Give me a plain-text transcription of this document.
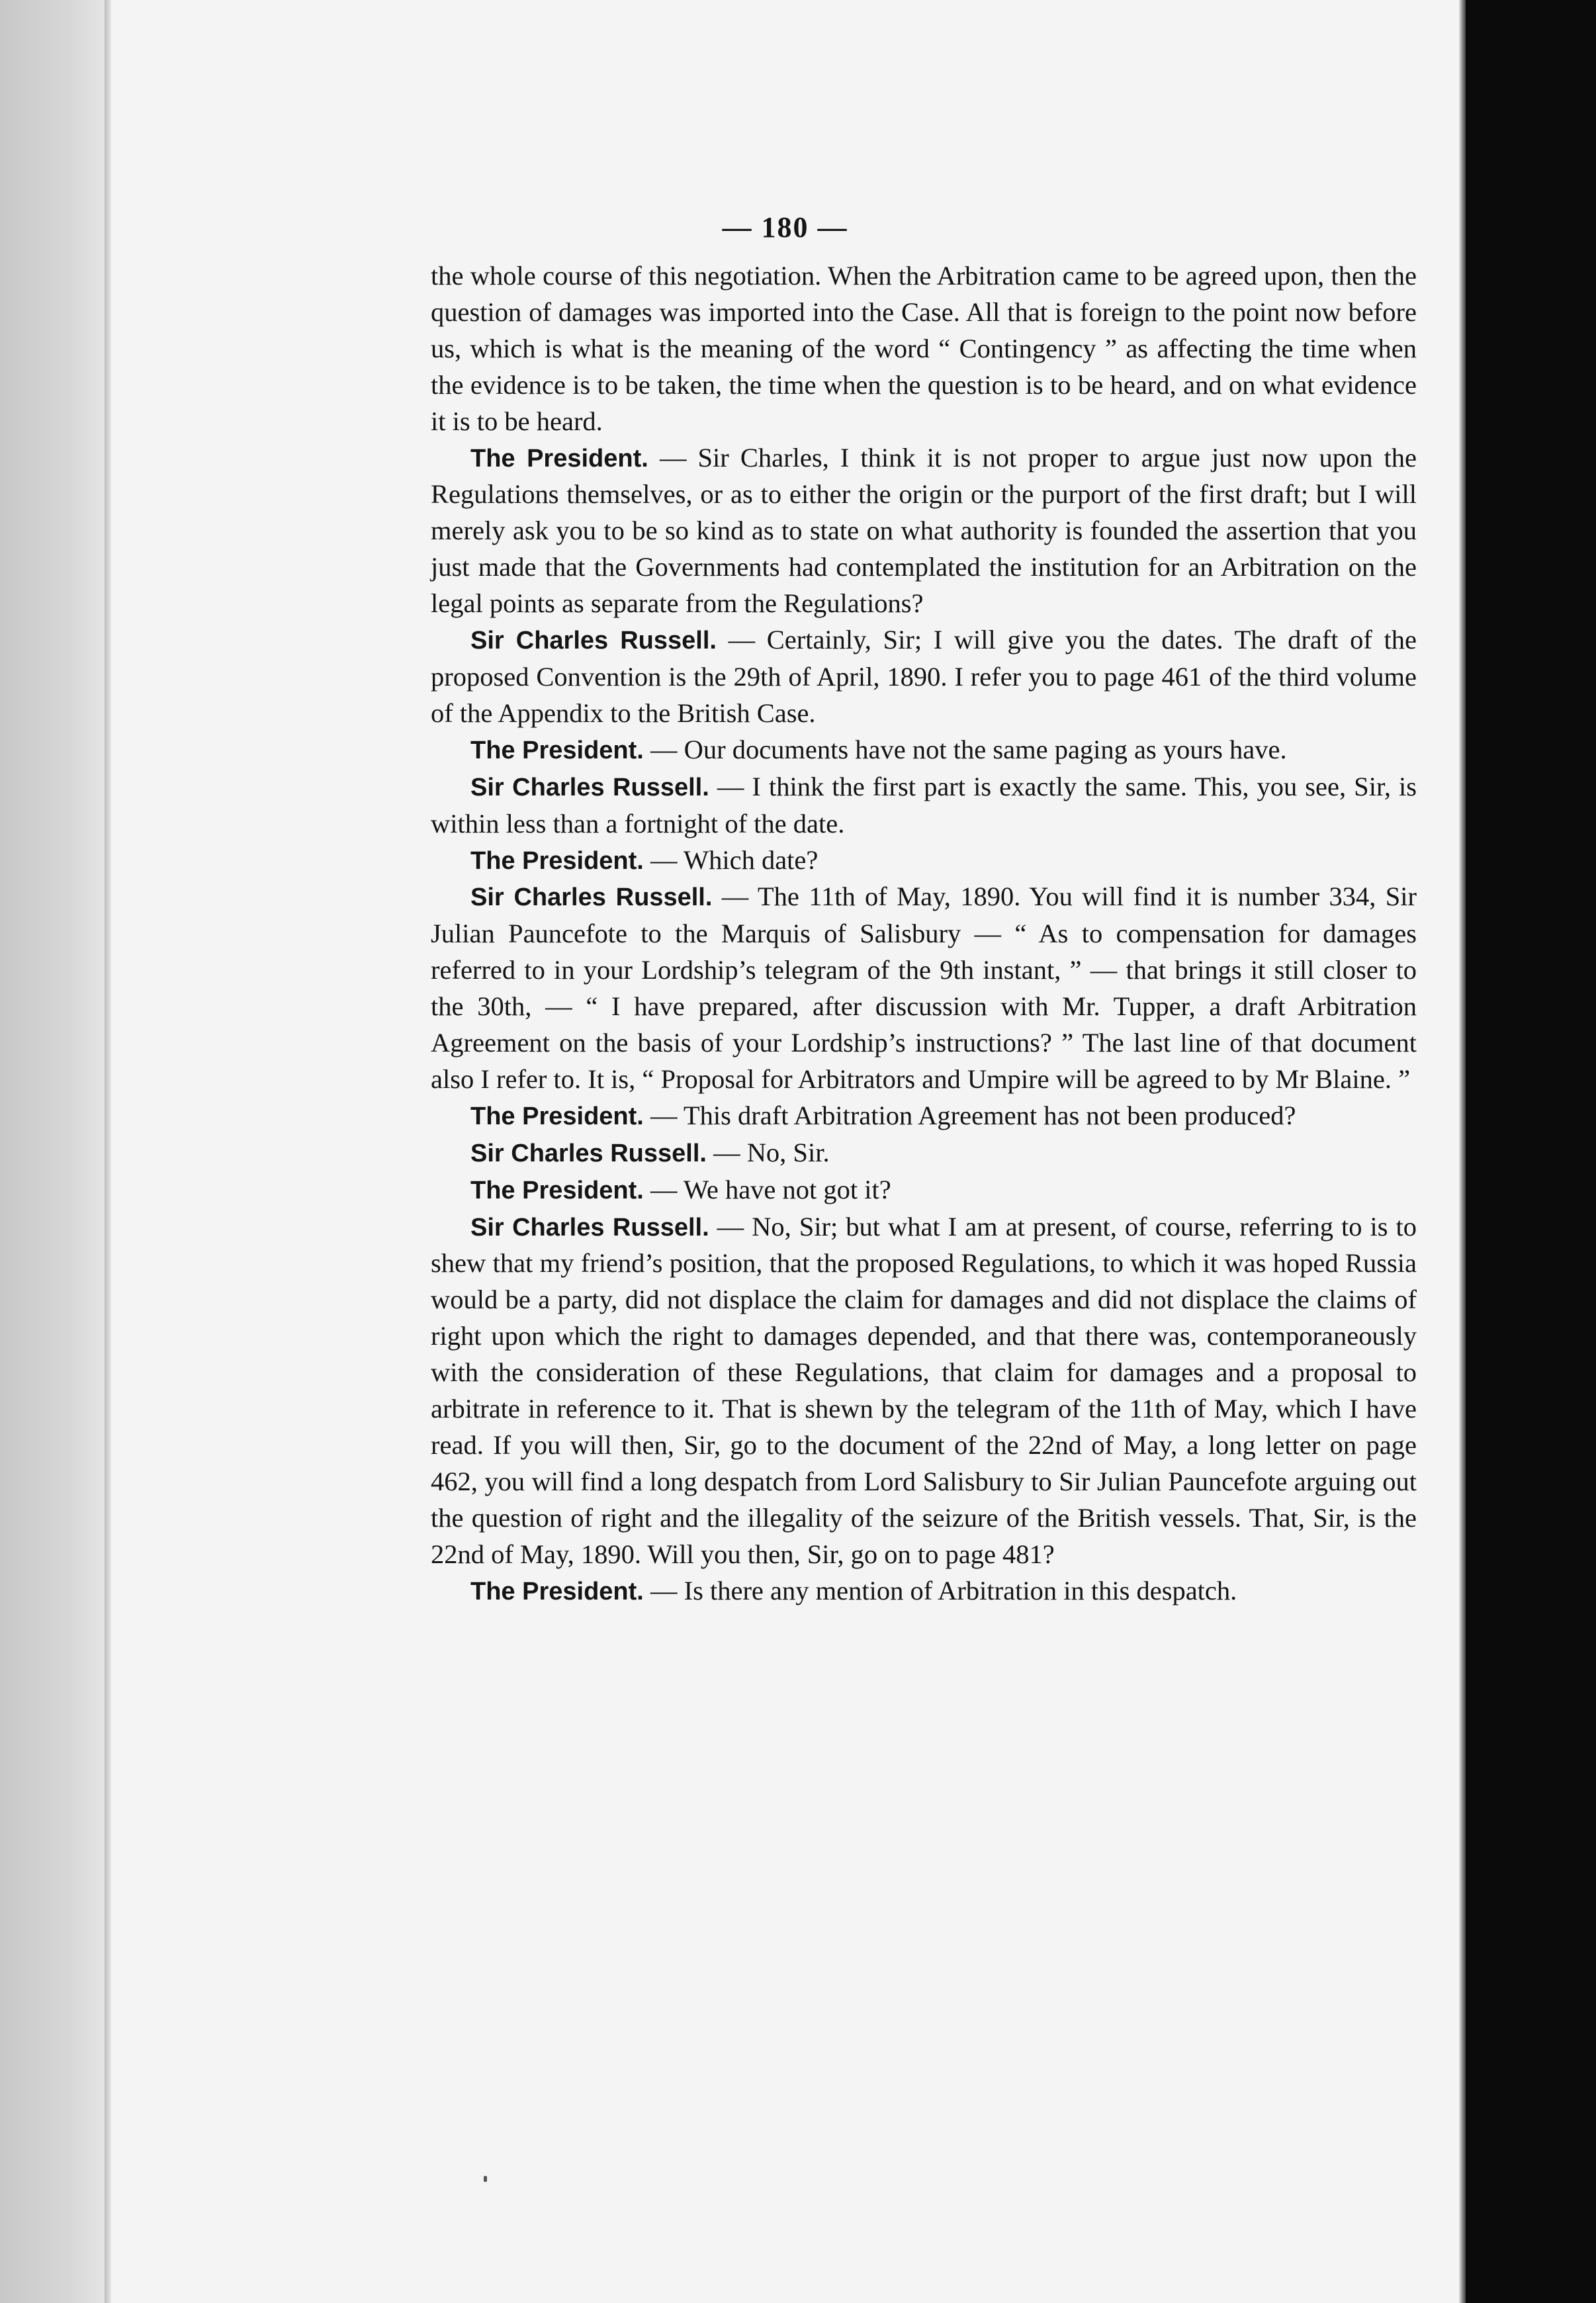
— 180 —

the whole course of this negotiation. When the Arbitration came to be agreed upon, then the question of damages was imported into the Case. All that is foreign to the point now before us, which is what is the meaning of the word “ Contingency ” as affecting the time when the evidence is to be taken, the time when the question is to be heard, and on what evidence it is to be heard.

The President. — Sir Charles, I think it is not proper to argue just now upon the Regulations themselves, or as to either the origin or the purport of the first draft; but I will merely ask you to be so kind as to state on what authority is founded the assertion that you just made that the Governments had contemplated the institution for an Arbitration on the legal points as separate from the Regulations?

Sir Charles Russell. — Certainly, Sir; I will give you the dates. The draft of the proposed Convention is the 29th of April, 1890. I refer you to page 461 of the third volume of the Appendix to the British Case.

The President. — Our documents have not the same paging as yours have.

Sir Charles Russell. — I think the first part is exactly the same. This, you see, Sir, is within less than a fortnight of the date.

The President. — Which date?

Sir Charles Russell. — The 11th of May, 1890. You will find it is number 334, Sir Julian Pauncefote to the Marquis of Salisbury — “ As to compensation for damages referred to in your Lordship’s telegram of the 9th instant, ” — that brings it still closer to the 30th, — “ I have prepared, after discussion with Mr. Tupper, a draft Arbitration Agreement on the basis of your Lordship’s instructions? ” The last line of that document also I refer to. It is, “ Proposal for Arbitrators and Umpire will be agreed to by Mr Blaine. ”

The President. — This draft Arbitration Agreement has not been produced?

Sir Charles Russell. — No, Sir.

The President. — We have not got it?

Sir Charles Russell. — No, Sir; but what I am at present, of course, referring to is to shew that my friend’s position, that the proposed Regulations, to which it was hoped Russia would be a party, did not displace the claim for damages and did not displace the claims of right upon which the right to damages depended, and that there was, contemporaneously with the consideration of these Regulations, that claim for damages and a proposal to arbitrate in reference to it. That is shewn by the telegram of the 11th of May, which I have read. If you will then, Sir, go to the document of the 22nd of May, a long letter on page 462, you will find a long despatch from Lord Salisbury to Sir Julian Pauncefote arguing out the question of right and the illegality of the seizure of the British vessels. That, Sir, is the 22nd of May, 1890. Will you then, Sir, go on to page 481?

The President. — Is there any mention of Arbitration in this despatch.
